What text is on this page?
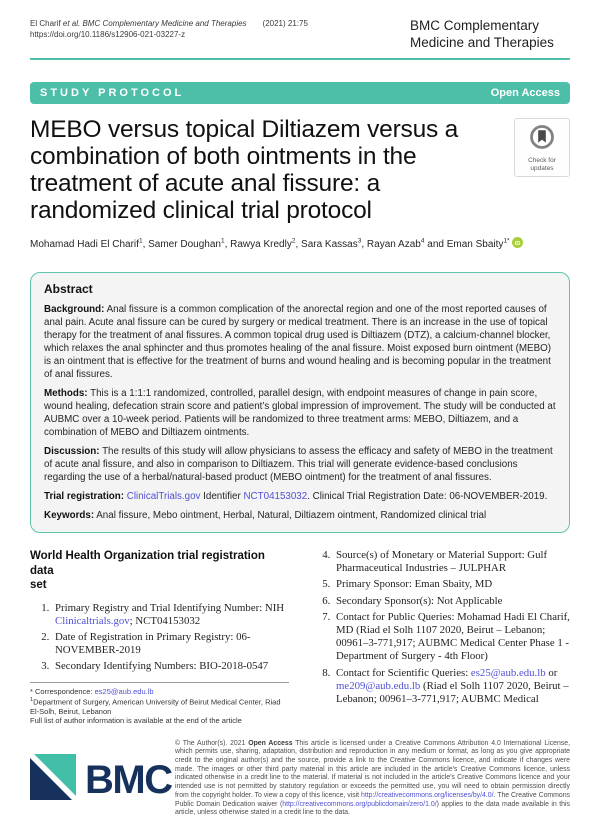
El Charif et al. BMC Complementary Medicine and Therapies (2021) 21:75
https://doi.org/10.1186/s12906-021-03227-z
BMC Complementary
Medicine and Therapies
STUDY PROTOCOL	Open Access
MEBO versus topical Diltiazem versus a
combination of both ointments in the
treatment of acute anal fissure: a
randomized clinical trial protocol
Check for
updates
Mohamad Hadi El Charif$^1$, Samer Doughan$^1$, Rawya Kredly$^2$, Sara Kassas$^3$, Rayan Azab$^4$ and Eman Sbaity$^{1*}$ iD
Abstract

Background: Anal fissure is a common complication of the anorectal region and one of the most reported causes of anal pain. Acute anal fissure can be cured by surgery or medical treatment. There is an increase in the use of topical therapy for the treatment of anal fissures. A common topical drug used is Diltiazem (DTZ), a calcium-channel blocker, which relaxes the anal sphincter and thus promotes healing of the anal fissure. Moist exposed burn ointment (MEBO) is an ointment that is effective for the treatment of burns and wound healing and is becoming popular in the treatment of anal fissures.

Methods: This is a 1:1:1 randomized, controlled, parallel design, with endpoint measures of change in pain score, wound healing, defecation strain score and patient’s global impression of improvement. The study will be conducted at AUBMC over a 10-week period. Patients will be randomized to three treatment arms: MEBO, Diltiazem, and a combination of MEBO and Diltiazem ointments.

Discussion: The results of this study will allow physicians to assess the efficacy and safety of MEBO in the treatment of acute anal fissure, and also in comparison to Diltiazem. This trial will generate evidence-based conclusions regarding the use of a herbal/natural-based product (MEBO ointment) for the treatment of anal fissures.

Trial registration: ClinicalTrials.gov Identifier NCT04153032. Clinical Trial Registration Date: 06-NOVEMBER-2019.

Keywords: Anal fissure, Mebo ointment, Herbal, Natural, Diltiazem ointment, Randomized clinical trial

World Health Organization trial registration data
set
1. Primary Registry and Trial Identifying Number: NIH Clinicaltrials.gov; NCT04153032
2. Date of Registration in Primary Registry: 06-NOVEMBER-2019
3. Secondary Identifying Numbers: BIO-2018-0547
* Correspondence: es25@aub.edu.lb
$^1$Department of Surgery, American University of Beirut Medical Center, Riad El-Solh, Beirut, Lebanon
Full list of author information is available at the end of the article
4. Source(s) of Monetary or Material Support: Gulf Pharmaceutical Industries – JULPHAR
5. Primary Sponsor: Eman Sbaity, MD
6. Secondary Sponsor(s): Not Applicable
7. Contact for Public Queries: Mohamad Hadi El Charif, MD (Riad el Solh 1107 2020, Beirut – Lebanon; 00961–3-771,917; AUBMC Medical Center Phase 1 - Department of Surgery - 4th Floor)
8. Contact for Scientific Queries: es25@aub.edu.lb or me209@aub.edu.lb (Riad el Solh 1107 2020, Beirut – Lebanon; 00961–3-771,917; AUBMC Medical
BMC
© The Author(s). 2021 Open Access This article is licensed under a Creative Commons Attribution 4.0 International License, which permits use, sharing, adaptation, distribution and reproduction in any medium or format, as long as you give appropriate credit to the original author(s) and the source, provide a link to the Creative Commons licence, and indicate if changes were made. The images or other third party material in this article are included in the article's Creative Commons licence, unless indicated otherwise in a credit line to the material. If material is not included in the article's Creative Commons licence and your intended use is not permitted by statutory regulation or exceeds the permitted use, you will need to obtain permission directly from the copyright holder. To view a copy of this licence, visit http://creativecommons.org/licenses/by/4.0/. The Creative Commons Public Domain Dedication waiver (http://creativecommons.org/publicdomain/zero/1.0/) applies to the data made available in this article, unless otherwise stated in a credit line to the data.
